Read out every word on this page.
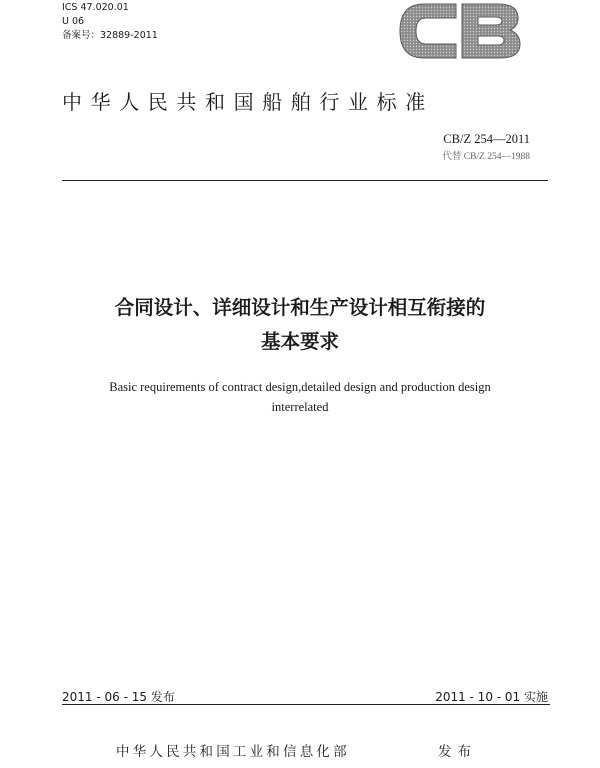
ICS 47.020.01
U 06
备案号：32889-2011
中华人民共和国船舶行业标准
CB/Z 254—2011
代替 CB/Z 254—1988
合同设计、详细设计和生产设计相互衔接的
基本要求
Basic requirements of contract design,detailed design and production design
interrelated
2011 - 06 - 15 发布	2011 - 10 - 01 实施
中华人民共和国工业和信息化部	发布
